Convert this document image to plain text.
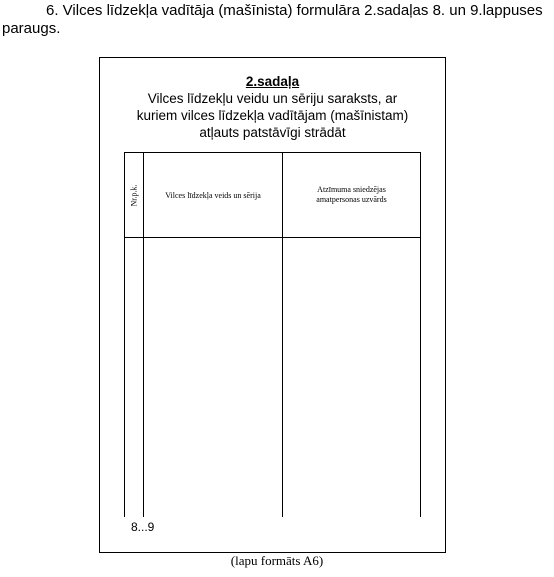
6. Vilces līdzekļa vadītāja (mašīnista) formulāra 2.sadaļas 8. un 9.lappuses paraugs.
2.sadaļa
Vilces līdzekļu veidu un sēriju saraksts, ar
kuriem vilces līdzekļa vadītājam (mašīnistam)
atļauts patstāvīgi strādāt
Nr.p.k.	Vilces līdzekļa veids un sērija
Atzīmuma sniedzējas amatpersonas uzvārds
8...9
(lapu formāts A6)
